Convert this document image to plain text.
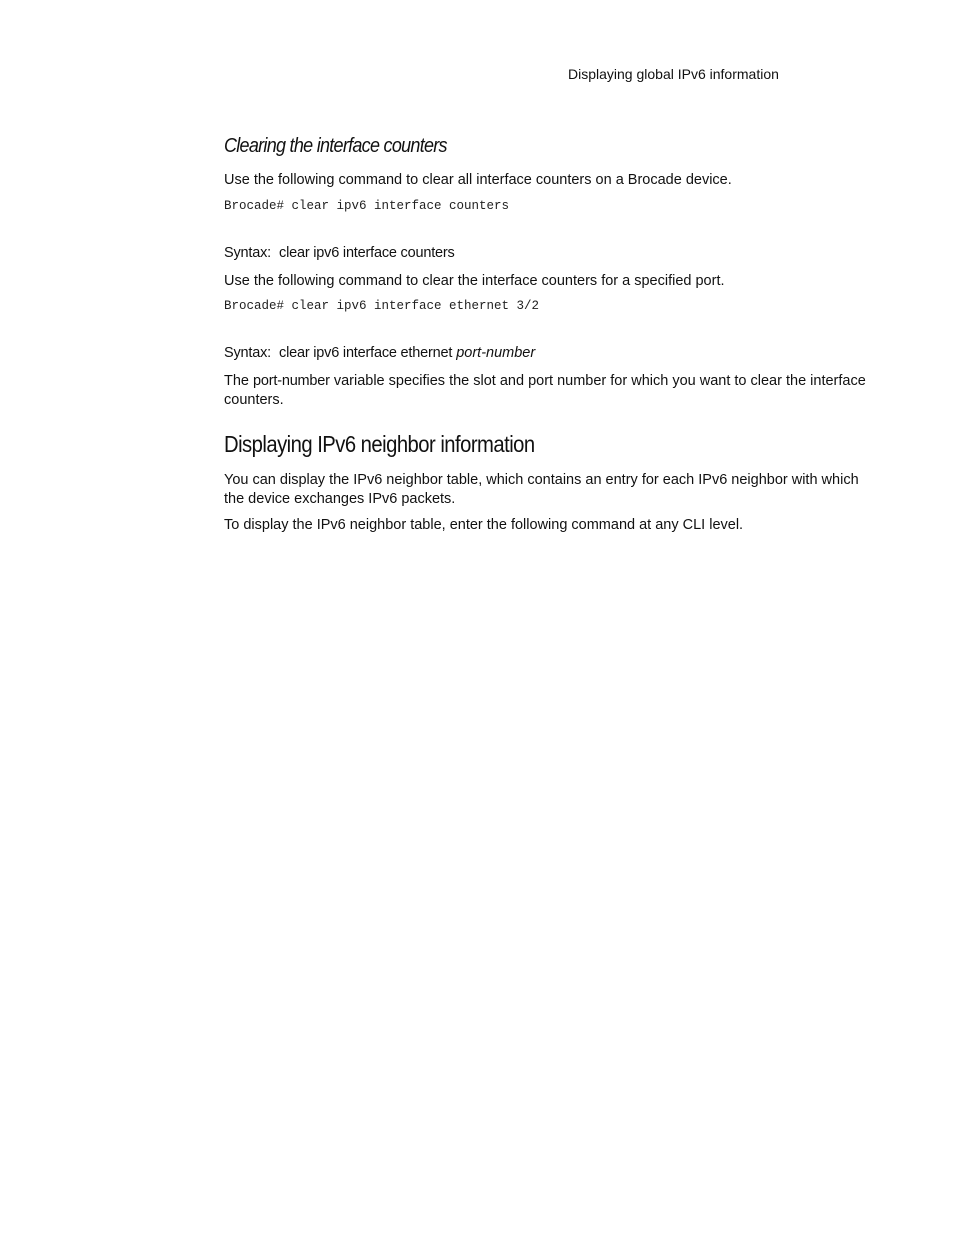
Displaying global IPv6 information
Clearing the interface counters

Use the following command to clear all interface counters on a Brocade device.

Brocade# clear ipv6 interface counters
Syntax: clear ipv6 interface counters

Use the following command to clear the interface counters for a specified port.

Brocade# clear ipv6 interface ethernet 3/2
Syntax: clear ipv6 interface ethernet port-number

The port-number variable specifies the slot and port number for which you want to clear the interface counters.

Displaying IPv6 neighbor information

You can display the IPv6 neighbor table, which contains an entry for each IPv6 neighbor with which the device exchanges IPv6 packets.

To display the IPv6 neighbor table, enter the following command at any CLI level.
